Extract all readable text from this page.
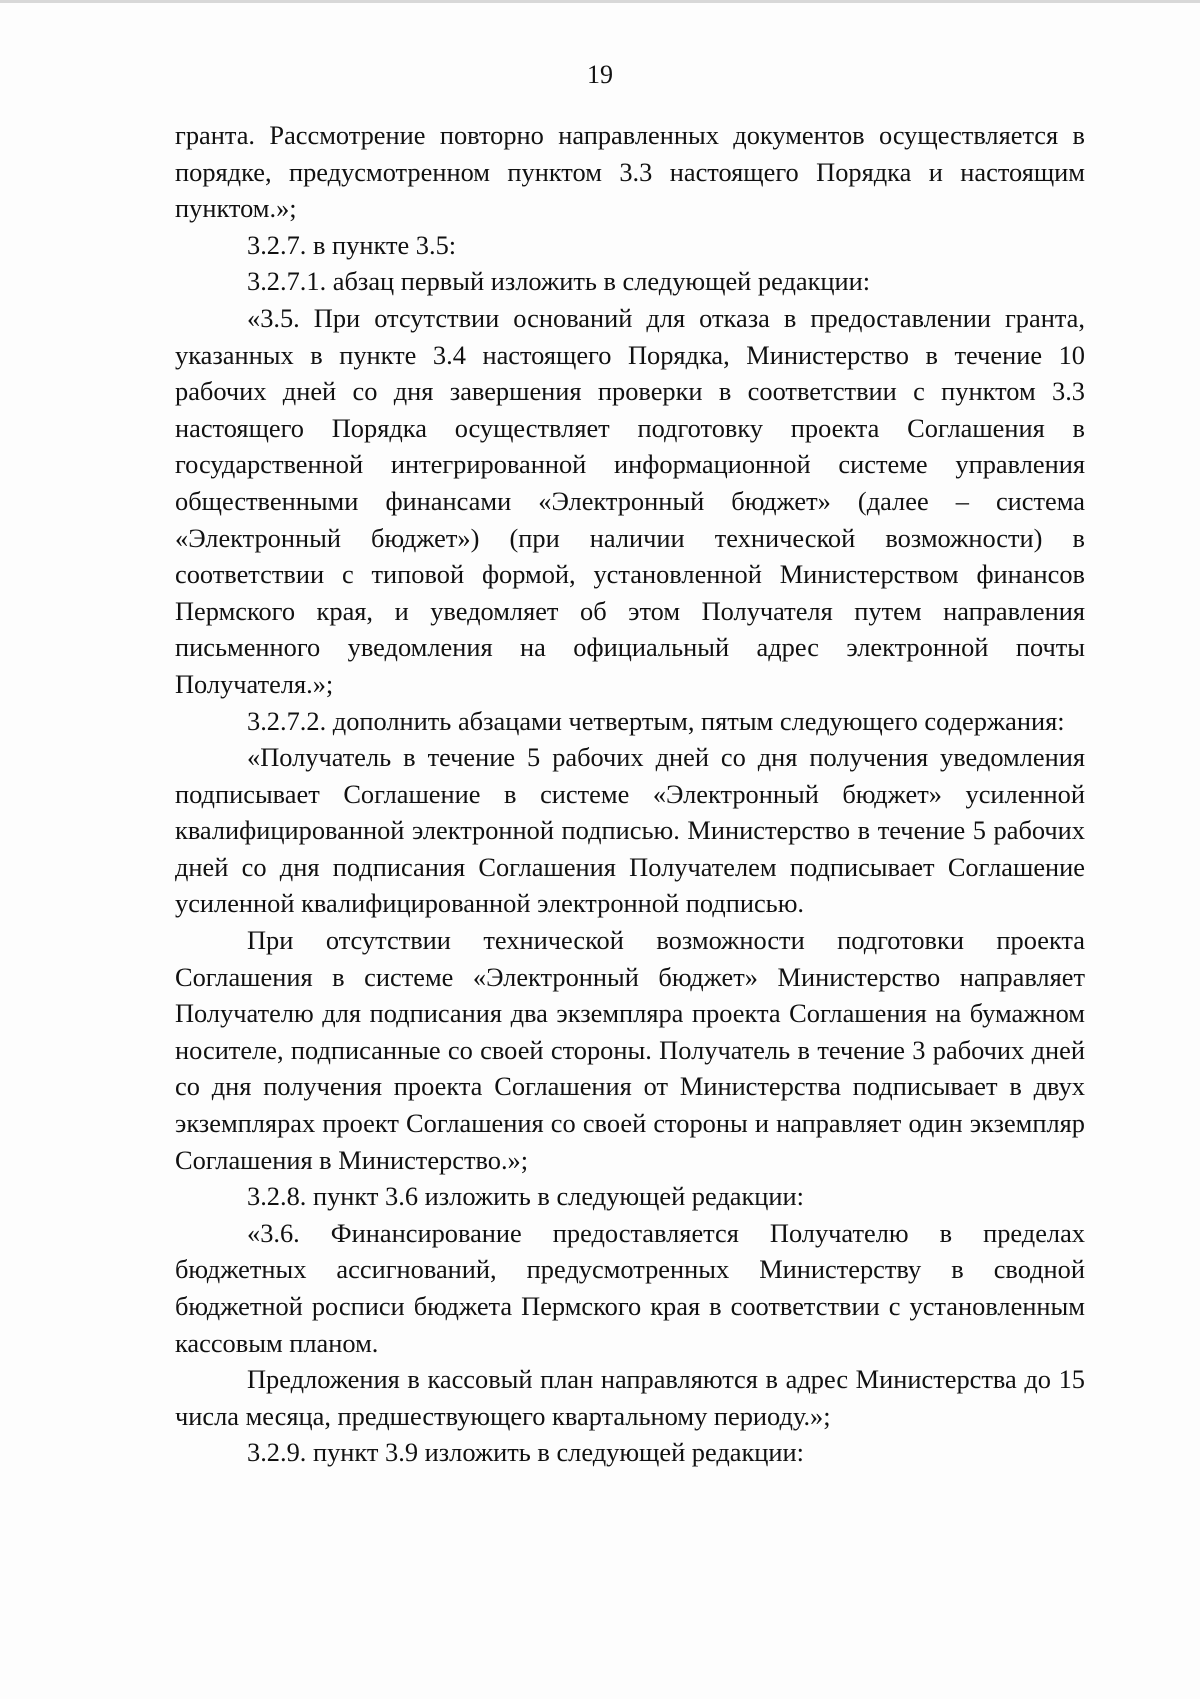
19

гранта. Рассмотрение повторно направленных документов осуществляется в порядке, предусмотренном пунктом 3.3 настоящего Порядка и настоящим пунктом.»;

3.2.7. в пункте 3.5:

3.2.7.1. абзац первый изложить в следующей редакции:

«3.5. При отсутствии оснований для отказа в предоставлении гранта, указанных в пункте 3.4 настоящего Порядка, Министерство в течение 10 рабочих дней со дня завершения проверки в соответствии с пунктом 3.3 настоящего Порядка осуществляет подготовку проекта Соглашения в государственной интегрированной информационной системе управления общественными финансами «Электронный бюджет» (далее – система «Электронный бюджет») (при наличии технической возможности) в соответствии с типовой формой, установленной Министерством финансов Пермского края, и уведомляет об этом Получателя путем направления письменного уведомления на официальный адрес электронной почты Получателя.»;

3.2.7.2. дополнить абзацами четвертым, пятым следующего содержания:

«Получатель в течение 5 рабочих дней со дня получения уведомления подписывает Соглашение в системе «Электронный бюджет» усиленной квалифицированной электронной подписью. Министерство в течение 5 рабочих дней со дня подписания Соглашения Получателем подписывает Соглашение усиленной квалифицированной электронной подписью.

При отсутствии технической возможности подготовки проекта Соглашения в системе «Электронный бюджет» Министерство направляет Получателю для подписания два экземпляра проекта Соглашения на бумажном носителе, подписанные со своей стороны. Получатель в течение 3 рабочих дней со дня получения проекта Соглашения от Министерства подписывает в двух экземплярах проект Соглашения со своей стороны и направляет один экземпляр Соглашения в Министерство.»;

3.2.8. пункт 3.6 изложить в следующей редакции:

«3.6. Финансирование предоставляется Получателю в пределах бюджетных ассигнований, предусмотренных Министерству в сводной бюджетной росписи бюджета Пермского края в соответствии с установленным кассовым планом.

Предложения в кассовый план направляются в адрес Министерства до 15 числа месяца, предшествующего квартальному периоду.»;

3.2.9. пункт 3.9 изложить в следующей редакции:
